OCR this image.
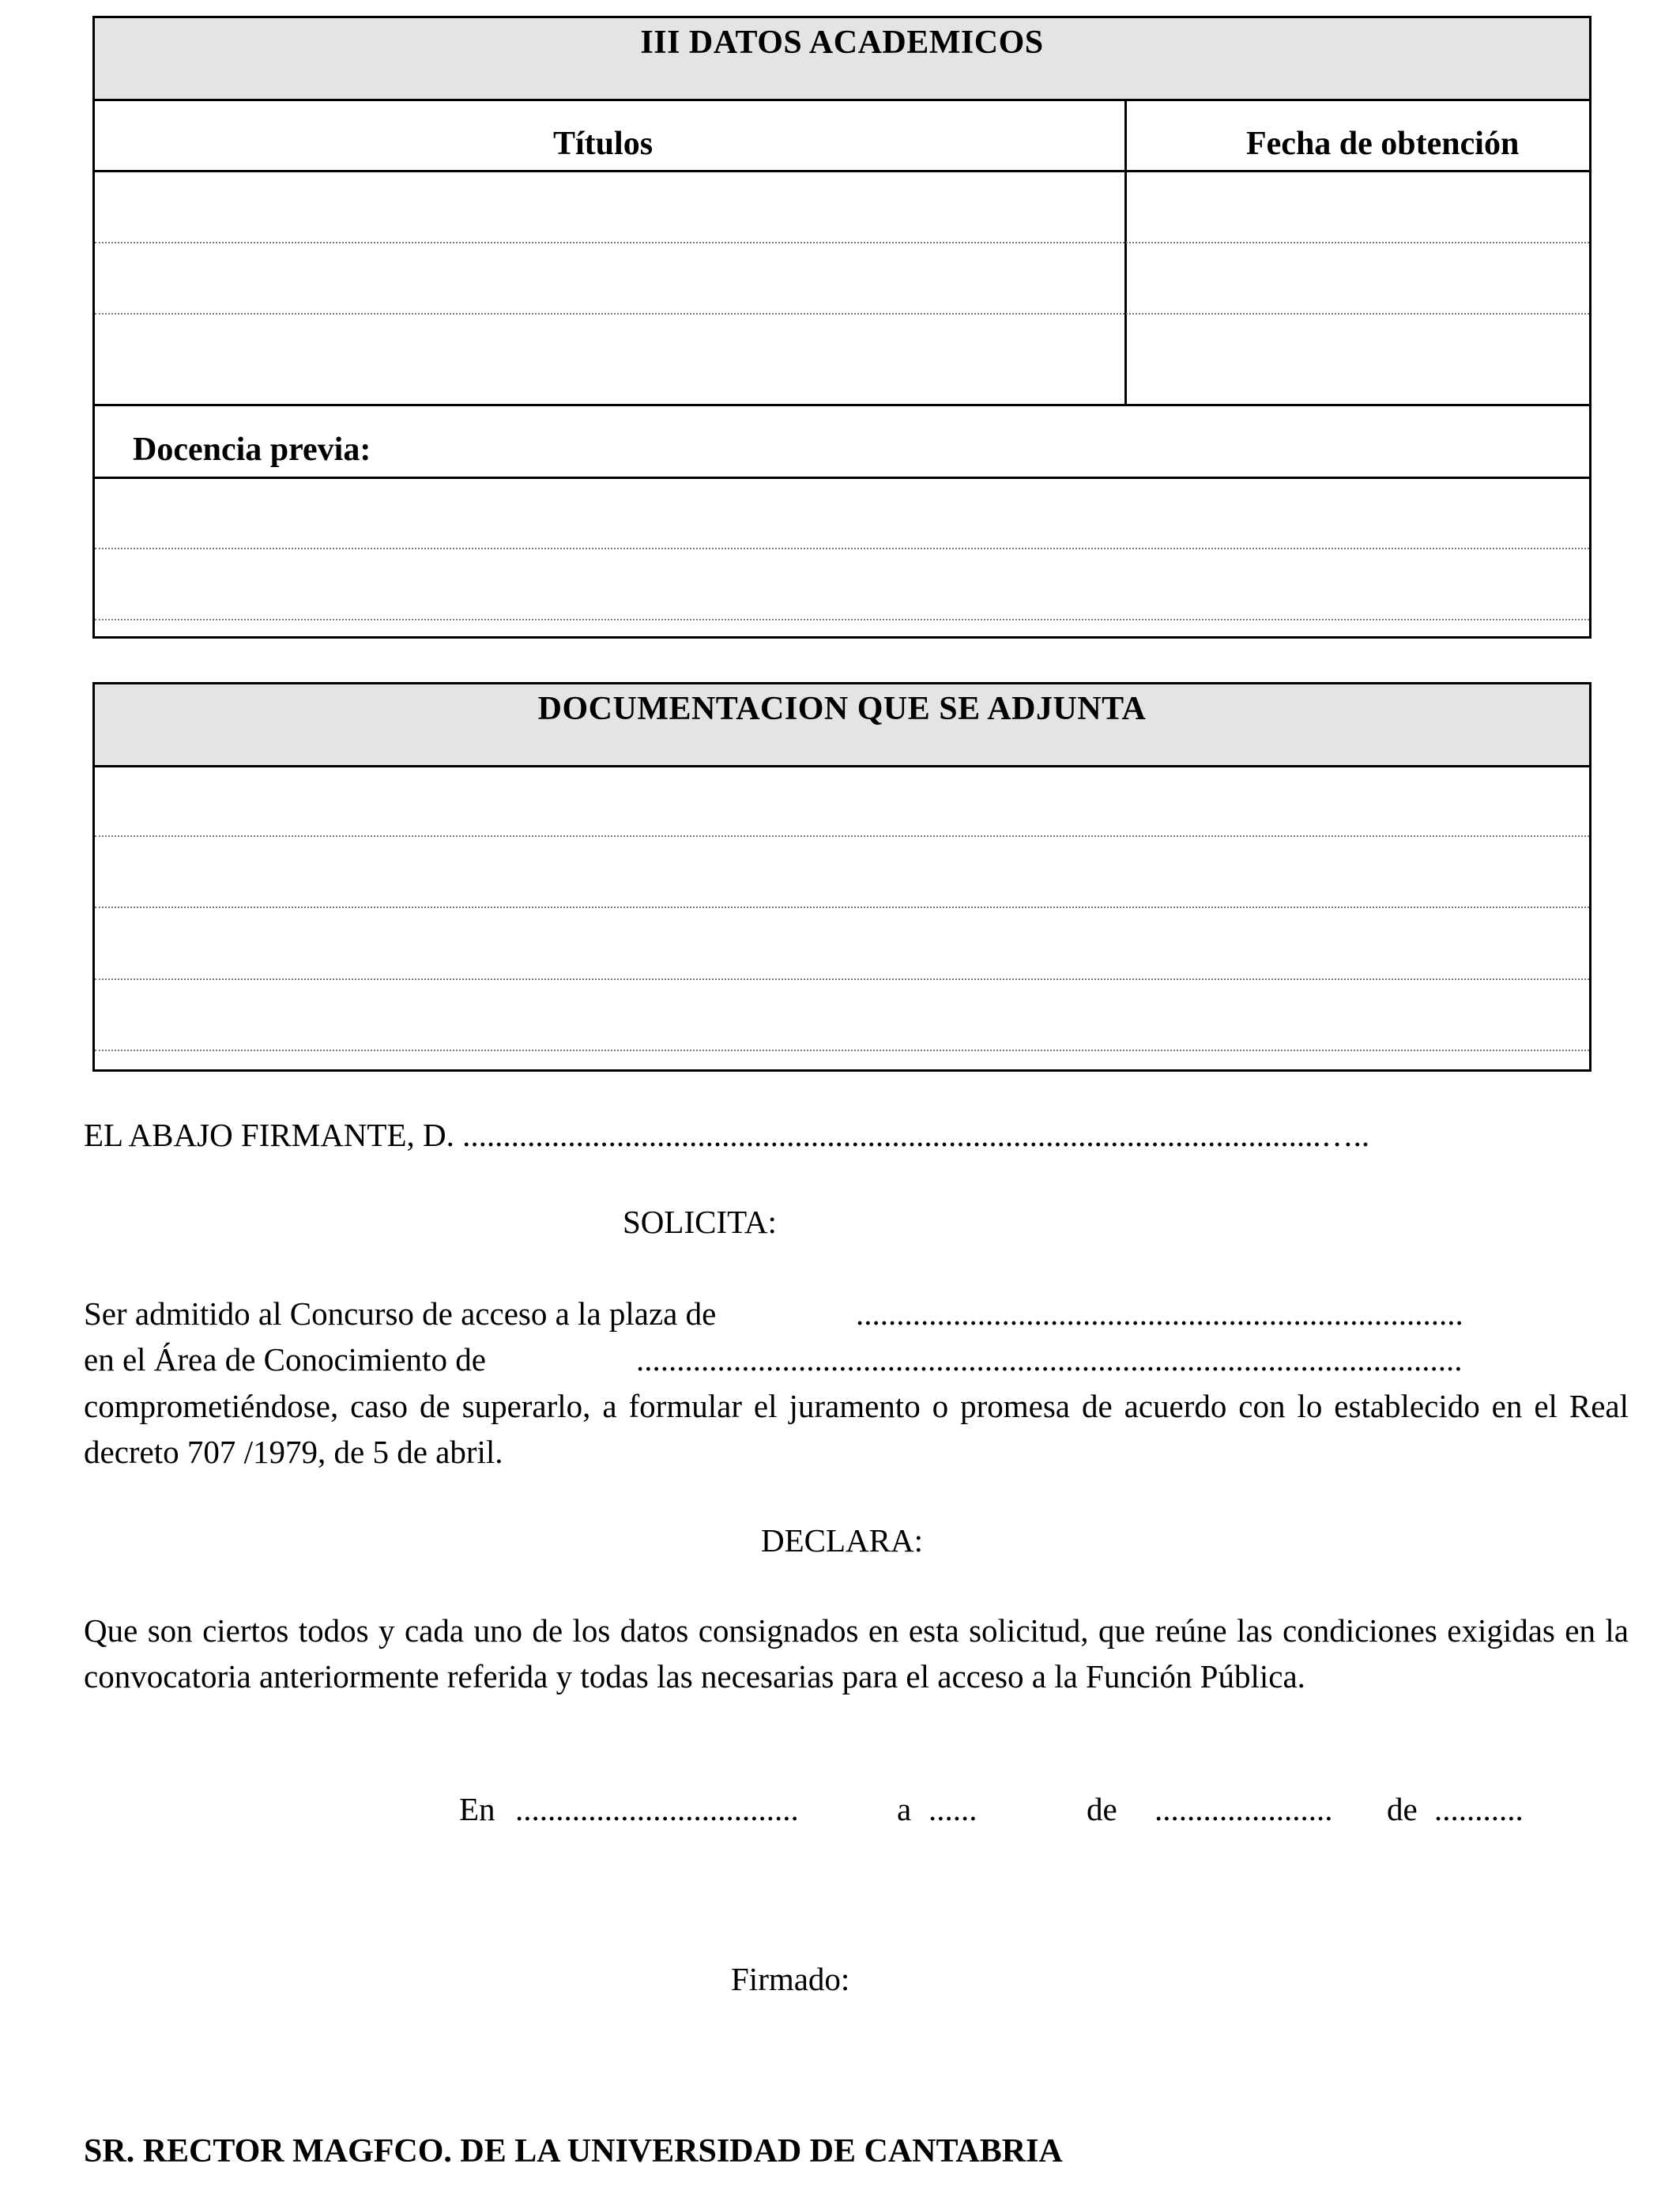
III DATOS ACADEMICOS
Títulos	Fecha de obtención
Docencia previa:
DOCUMENTACION QUE SE ADJUNTA
EL ABAJO FIRMANTE, D. ..........................................................................................................…..
SOLICITA:
Ser admitido al Concurso de acceso a la plaza de	...........................................................................
en el Área de Conocimiento de	......................................................................................................
comprometiéndose, caso de superarlo, a formular el juramento o promesa de acuerdo con lo establecido en el Real decreto 707 /1979, de 5 de abril.
DECLARA:
Que son ciertos todos y cada uno de los datos consignados en esta solicitud, que reúne las condiciones exigidas en la convocatoria anteriormente referida y todas las necesarias para el acceso a la Función Pública.
En ...................................	a ......	de ...................... de ...........
Firmado:
SR. RECTOR MAGFCO. DE LA UNIVERSIDAD DE CANTABRIA
